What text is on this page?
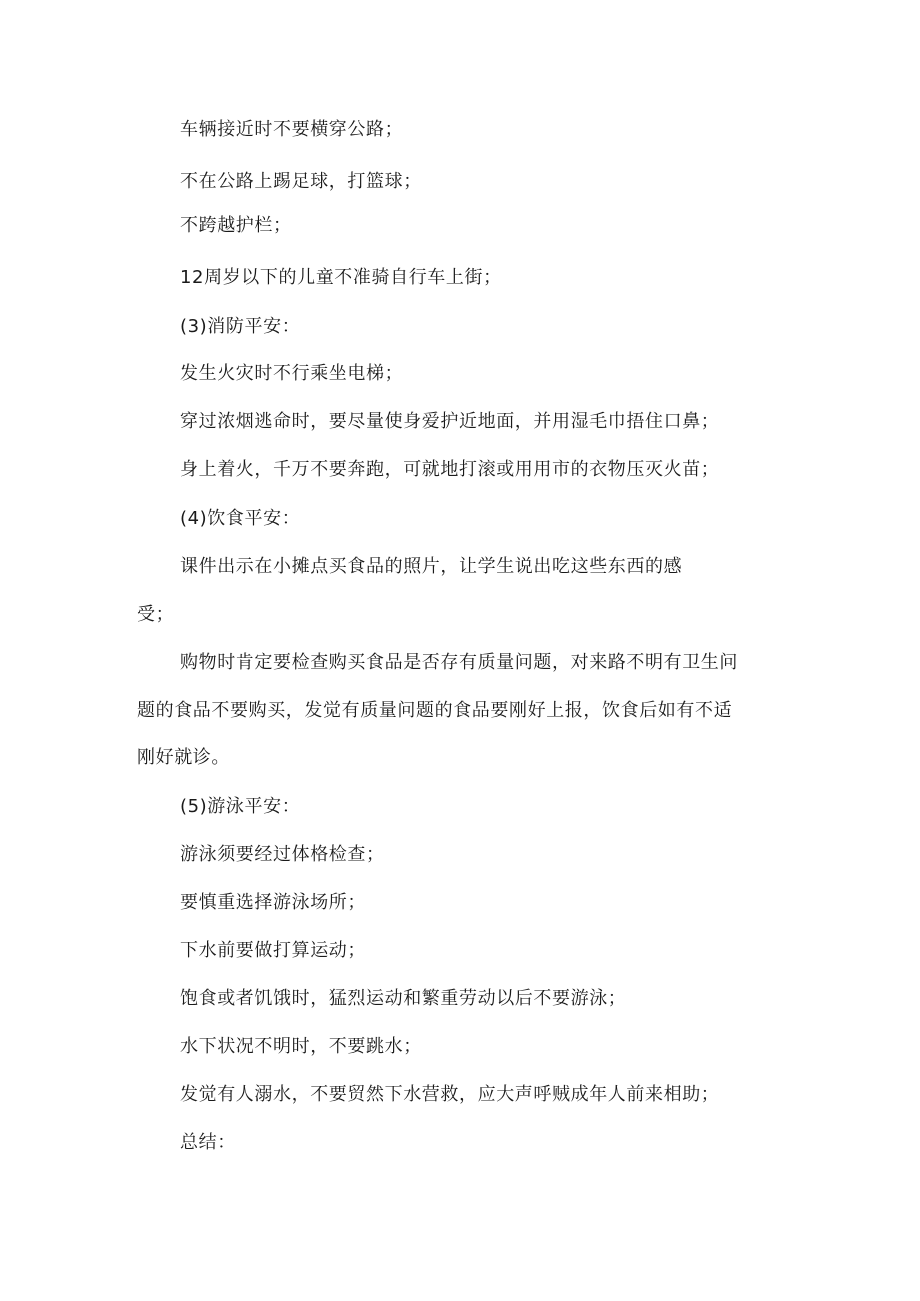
车辆接近时不要横穿公路；
不在公路上踢足球，打篮球；
不跨越护栏；
12周岁以下的儿童不准骑自行车上街；
(3)消防平安：
发生火灾时不行乘坐电梯；
穿过浓烟逃命时，要尽量使身爱护近地面，并用湿毛巾捂住口鼻；
身上着火，千万不要奔跑，可就地打滚或用用市的衣物压灭火苗；
(4)饮食平安：
课件出示在小摊点买食品的照片，让学生说出吃这些东西的感
受；
购物时肯定要检查购买食品是否存有质量问题，对来路不明有卫生问
题的食品不要购买，发觉有质量问题的食品要刚好上报，饮食后如有不适
刚好就诊。
(5)游泳平安：
游泳须要经过体格检查；
要慎重选择游泳场所；
下水前要做打算运动；
饱食或者饥饿时，猛烈运动和繁重劳动以后不要游泳；
水下状况不明时，不要跳水；
发觉有人溺水，不要贸然下水营救，应大声呼贼成年人前来相助；
总结：
